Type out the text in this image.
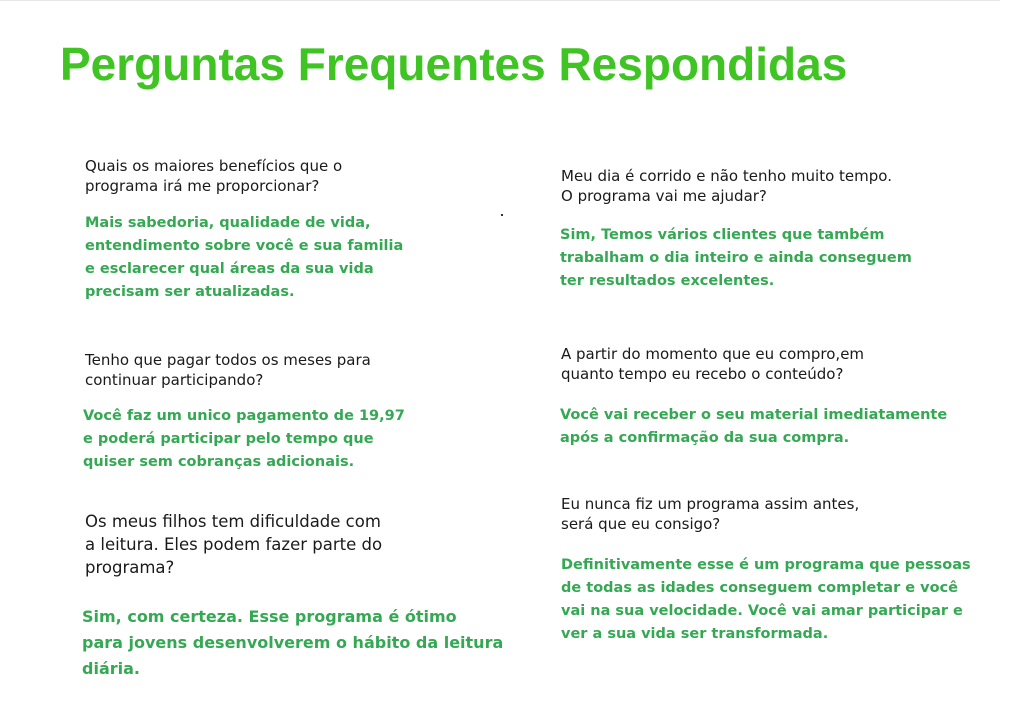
Perguntas Frequentes Respondidas

Quais os maiores benefícios que o
programa irá me proporcionar?

Mais sabedoria, qualidade de vida,
entendimento sobre você e sua familia
e esclarecer qual áreas da sua vida
precisam ser atualizadas.

Tenho que pagar todos os meses para
continuar participando?

Você faz um unico pagamento de 19,97
e poderá participar pelo tempo que
quiser sem cobranças adicionais.

Os meus filhos tem dificuldade com
a leitura. Eles podem fazer parte do
programa?

Sim, com certeza. Esse programa é ótimo
para jovens desenvolverem o hábito da leitura
diária.

Meu dia é corrido e não tenho muito tempo.
O programa vai me ajudar?

Sim, Temos vários clientes que também
trabalham o dia inteiro e ainda conseguem
ter resultados excelentes.

A partir do momento que eu compro,em
quanto tempo eu recebo o conteúdo?

Você vai receber o seu material imediatamente
após a confirmação da sua compra.

Eu nunca fiz um programa assim antes,
será que eu consigo?

Definitivamente esse é um programa que pessoas
de todas as idades conseguem completar e você
vai na sua velocidade. Você vai amar participar e
ver a sua vida ser transformada.
